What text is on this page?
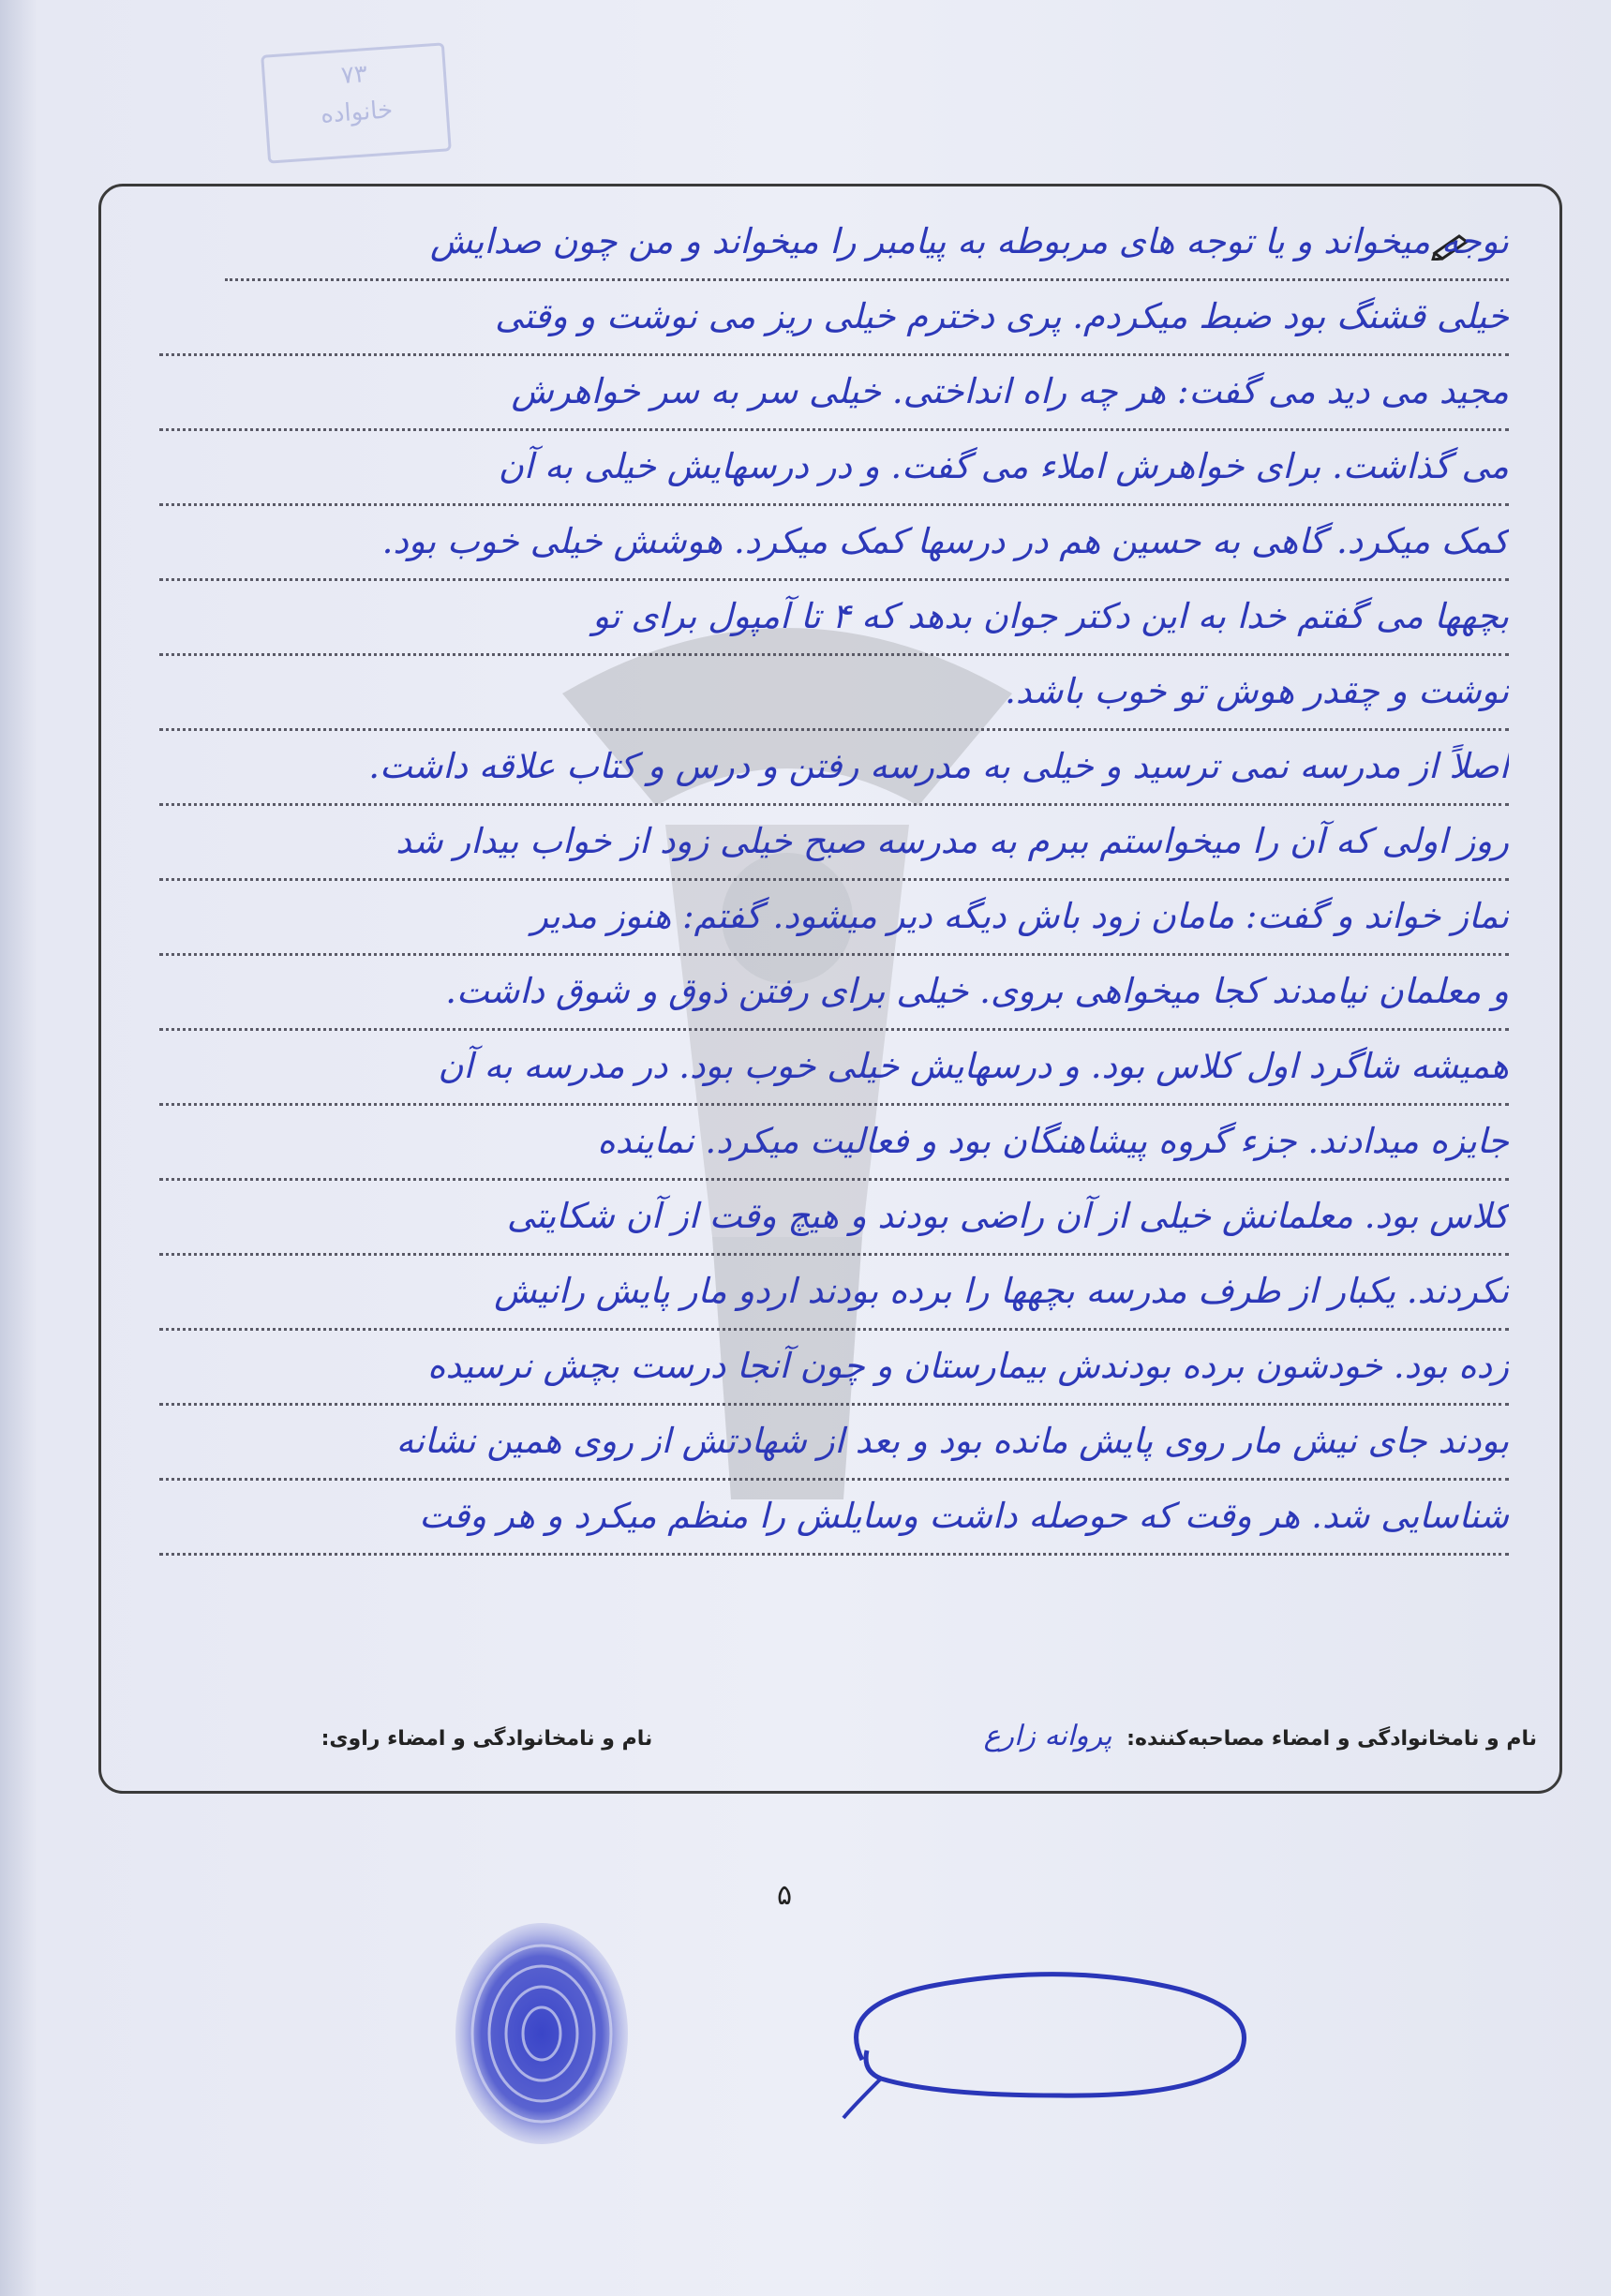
۷۳
خانواده
توجه میخواند و یا توجه های مربوطه به پیامبر را میخواند و من چون صدایش
خیلی قشنگ بود ضبط میکردم. پری دخترم خیلی ریز می نوشت و وقتی
مجید می دید می گفت: هر چه راه انداختی. خیلی سر به سر خواهرش
می گذاشت. برای خواهرش املاء می گفت. و در درسهایش خیلی به آن
کمک میکرد. گاهی به حسین هم در درسها کمک میکرد. هوشش خیلی خوب بود.
بچهها می گفتم خدا به این دکتر جوان بدهد که ۴ تا آمپول برای تو
نوشت و چقدر هوش تو خوب باشد.
اصلاً از مدرسه نمی ترسید و خیلی به مدرسه رفتن و درس و کتاب علاقه داشت.
روز اولی که آن را میخواستم ببرم به مدرسه صبح خیلی زود از خواب بیدار شد
نماز خواند و گفت: مامان زود باش دیگه دیر میشود. گفتم: هنوز مدیر
و معلمان نیامدند کجا میخواهی بروی. خیلی برای رفتن ذوق و شوق داشت.
همیشه شاگرد اول کلاس بود. و درسهایش خیلی خوب بود. در مدرسه به آن
جایزه میدادند. جزء گروه پیشاهنگان بود و فعالیت میکرد. نماینده
کلاس بود. معلمانش خیلی از آن راضی بودند و هیچ وقت از آن شکایتی
نکردند. یکبار از طرف مدرسه بچهها را برده بودند اردو مار پایش رانیش
زده بود. خودشون برده بودندش بیمارستان و چون آنجا درست بچش نرسیده
بودند جای نیش مار روی پایش مانده بود و بعد از شهادتش از روی همین نشانه
شناسایی شد. هر وقت که حوصله داشت وسایلش را منظم میکرد و هر وقت
نام و نامخانوادگی و امضاء مصاحبه‌کننده: پروانه زارع  نام و نامخانوادگی و امضاء راوی:
۵
